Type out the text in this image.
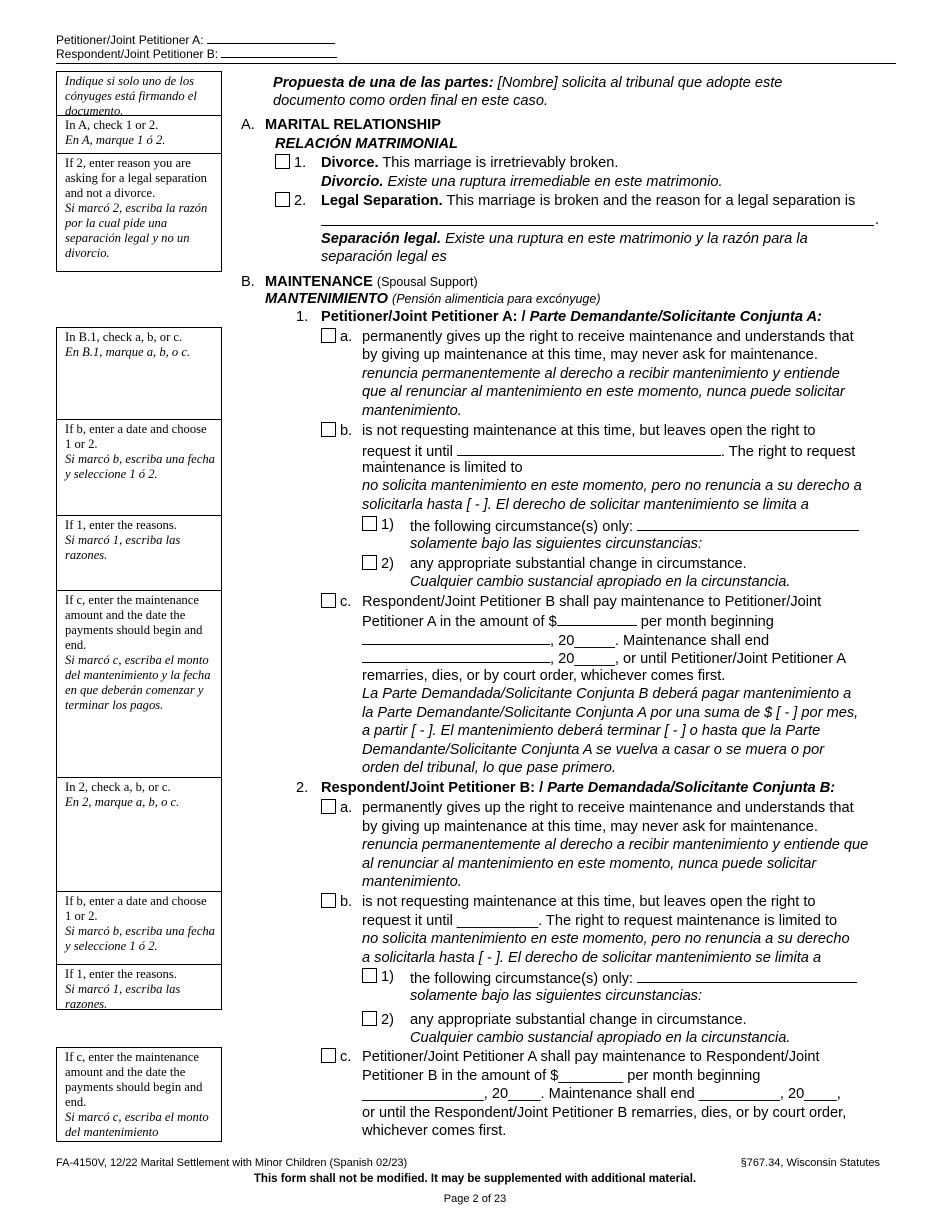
Petitioner/Joint Petitioner A:
Respondent/Joint Petitioner B:
Indique si solo uno de los cónyuges está firmando el documento.
In A, check 1 or 2.
En A, marque 1 ó 2.
If 2, enter reason you are asking for a legal separation and not a divorce.
Si marcó 2, escriba la razón por la cual pide una separación legal y no un divorcio.
In B.1, check a, b, or c.
En B.1, marque a, b, o c.
If b, enter a date and choose 1 or 2.
Si marcó b, escriba una fecha y seleccione 1 ó 2.
If 1, enter the reasons.
Si marcó 1, escriba las razones.
If c, enter the maintenance amount and the date the payments should begin and end.
Si marcó c, escriba el monto del mantenimiento y la fecha en que deberán comenzar y terminar los pagos.
In 2, check a, b, or c.
En 2, marque a, b, o c.
If b, enter a date and choose 1 or 2.
Si marcó b, escriba una fecha y seleccione 1 ó 2.
If 1, enter the reasons.
Si marcó 1, escriba las razones.
If c, enter the maintenance amount and the date the payments should begin and end.
Si marcó c, escriba el monto del mantenimiento
Propuesta de una de las partes: [Nombre] solicita al tribunal que adopte este
documento como orden final en este caso.
A. MARITAL RELATIONSHIP
RELACIÓN MATRIMONIAL
1. Divorce. This marriage is irretrievably broken.
Divorcio. Existe una ruptura irremediable en este matrimonio.
2. Legal Separation. This marriage is broken and the reason for a legal separation is
.
Separación legal. Existe una ruptura en este matrimonio y la razón para la
separación legal es
B. MAINTENANCE (Spousal Support)
MANTENIMIENTO (Pensión alimenticia para excónyuge)
1. Petitioner/Joint Petitioner A: / Parte Demandante/Solicitante Conjunta A:
a. permanently gives up the right to receive maintenance and understands that
by giving up maintenance at this time, may never ask for maintenance.
renuncia permanentemente al derecho a recibir mantenimiento y entiende
que al renunciar al mantenimiento en este momento, nunca puede solicitar
mantenimiento.
b. is not requesting maintenance at this time, but leaves open the right to
request it until	. The right to request
maintenance is limited to
no solicita mantenimiento en este momento, pero no renuncia a su derecho a
solicitarla hasta [ - ]. El derecho de solicitar mantenimiento se limita a
1) the following circumstance(s) only:
solamente bajo las siguientes circunstancias:
2) any appropriate substantial change in circumstance.
Cualquier cambio sustancial apropiado en la circunstancia.
c. Respondent/Joint Petitioner B shall pay maintenance to Petitioner/Joint
Petitioner A in the amount of $	per month beginning
, 20_____. Maintenance shall end
, 20_____, or until Petitioner/Joint Petitioner A
remarries, dies, or by court order, whichever comes first.
La Parte Demandada/Solicitante Conjunta B deberá pagar mantenimiento a
la Parte Demandante/Solicitante Conjunta A por una suma de $ [ - ] por mes,
a partir [ - ]. El mantenimiento deberá terminar [ - ] o hasta que la Parte
Demandante/Solicitante Conjunta A se vuelva a casar o se muera o por
orden del tribunal, lo que pase primero.
2. Respondent/Joint Petitioner B: / Parte Demandada/Solicitante Conjunta B:
a. permanently gives up the right to receive maintenance and understands that
by giving up maintenance at this time, may never ask for maintenance.
renuncia permanentemente al derecho a recibir mantenimiento y entiende que
al renunciar al mantenimiento en este momento, nunca puede solicitar
mantenimiento.
b. is not requesting maintenance at this time, but leaves open the right to
request it until __________. The right to request maintenance is limited to
no solicita mantenimiento en este momento, pero no renuncia a su derecho
a solicitarla hasta [ - ]. El derecho de solicitar mantenimiento se limita a
1) the following circumstance(s) only:
solamente bajo las siguientes circunstancias:
2) any appropriate substantial change in circumstance.
Cualquier cambio sustancial apropiado en la circunstancia.
c. Petitioner/Joint Petitioner A shall pay maintenance to Respondent/Joint
Petitioner B in the amount of $________ per month beginning
_______________, 20____. Maintenance shall end __________, 20____,
or until the Respondent/Joint Petitioner B remarries, dies, or by court order,
whichever comes first.
FA-4150V, 12/22 Marital Settlement with Minor Children (Spanish 02/23)	§767.34, Wisconsin Statutes
This form shall not be modified. It may be supplemented with additional material.
Page 2 of 23
